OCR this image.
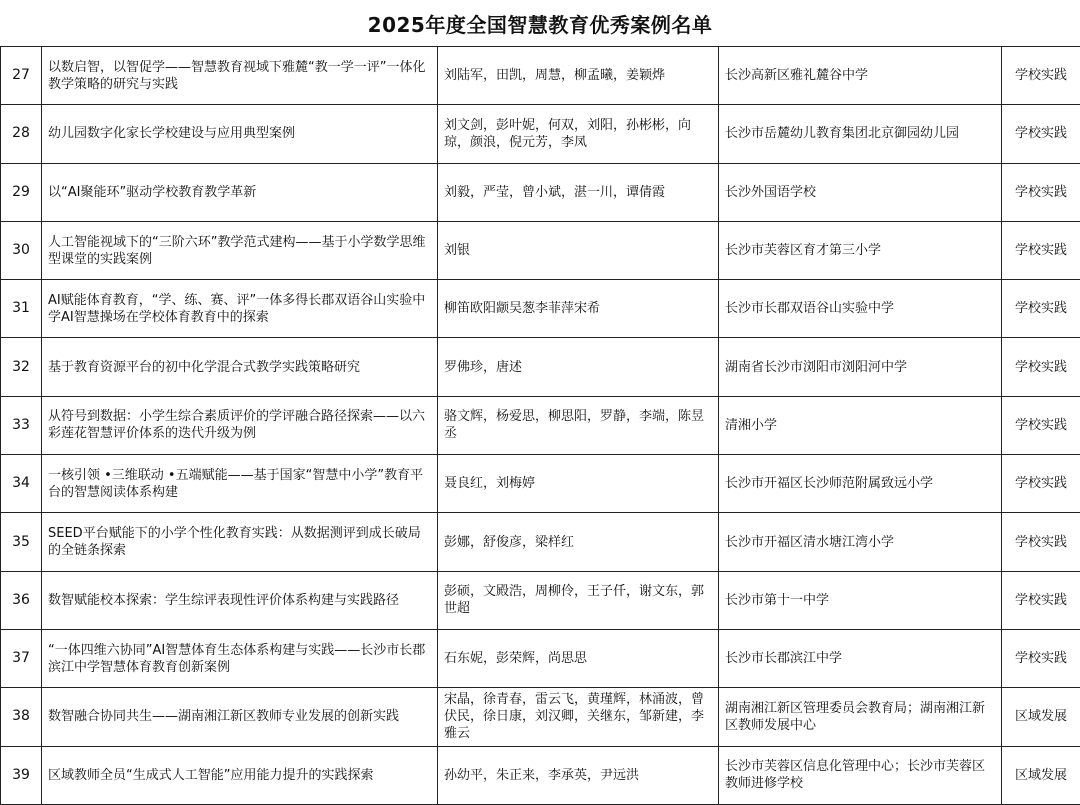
2025年度全国智慧教育优秀案例名单
27	以数启智，以智促学——智慧教育视域下雅麓“教一学一评”一体化教学策略的研究与实践	刘陆军，田凯，周慧，柳孟曦，姜颖烨	长沙高新区雅礼麓谷中学	学校实践
28	幼儿园数字化家长学校建设与应用典型案例	刘文剑，彭叶妮，何双，刘阳，孙彬彬，向琼，颜浪，倪元芳，李凤	长沙市岳麓幼儿教育集团北京御园幼儿园	学校实践
29	以“AI聚能环”驱动学校教育教学革新	刘毅，严莹，曾小斌，湛一川，谭倩霞	长沙外国语学校	学校实践
30	人工智能视域下的“三阶六环”教学范式建构——基于小学数学思维型课堂的实践案例	刘银	长沙市芙蓉区育才第三小学	学校实践
31	AI赋能体育教育，“学、练、赛、评”一体多得长郡双语谷山实验中学AI智慧操场在学校体育教育中的探索	柳笛欧阳颛吴葱李菲萍宋希	长沙市长郡双语谷山实验中学	学校实践
32	基于教育资源平台的初中化学混合式教学实践策略研究	罗佛珍，唐述	湖南省长沙市浏阳市浏阳河中学	学校实践
33	从符号到数据：小学生综合素质评价的学评融合路径探索——以六彩莲花智慧评价体系的迭代升级为例	骆文辉，杨爱思，柳思阳，罗静，李端，陈昱丞	清湘小学	学校实践
34	一核引领 •三维联动 •五端赋能——基于国家“智慧中小学”教育平台的智慧阅读体系构建	聂良红，刘梅婷	长沙市开福区长沙师范附属致远小学	学校实践
35	SEED平台赋能下的小学个性化教育实践：从数据测评到成长破局的全链条探索	彭娜，舒俊彦，梁样红	长沙市开福区清水塘江湾小学	学校实践
36	数智赋能校本探索：学生综评表现性评价体系构建与实践路径	彭硕，文殿浩，周柳伶，王子仟，谢文东，郭世超	长沙市第十一中学	学校实践
37	“一体四维六协同”AI智慧体育生态体系构建与实践——长沙市长郡滨江中学智慧体育教育创新案例	石东妮，彭荣辉，尚思思	长沙市长郡滨江中学	学校实践
38	数智融合协同共生——湖南湘江新区教师专业发展的创新实践	宋晶，徐青春，雷云飞，黄瑾辉，林涌波，曾伏民，徐日康，刘汉卿，关继东，邹新建，李雅云	湖南湘江新区管理委员会教育局；湖南湘江新区教师发展中心	区域发展
39	区域教师全员“生成式人工智能”应用能力提升的实践探索	孙幼平，朱正来，李承英，尹远洪	长沙市芙蓉区信息化管理中心；长沙市芙蓉区教师进修学校	区域发展
